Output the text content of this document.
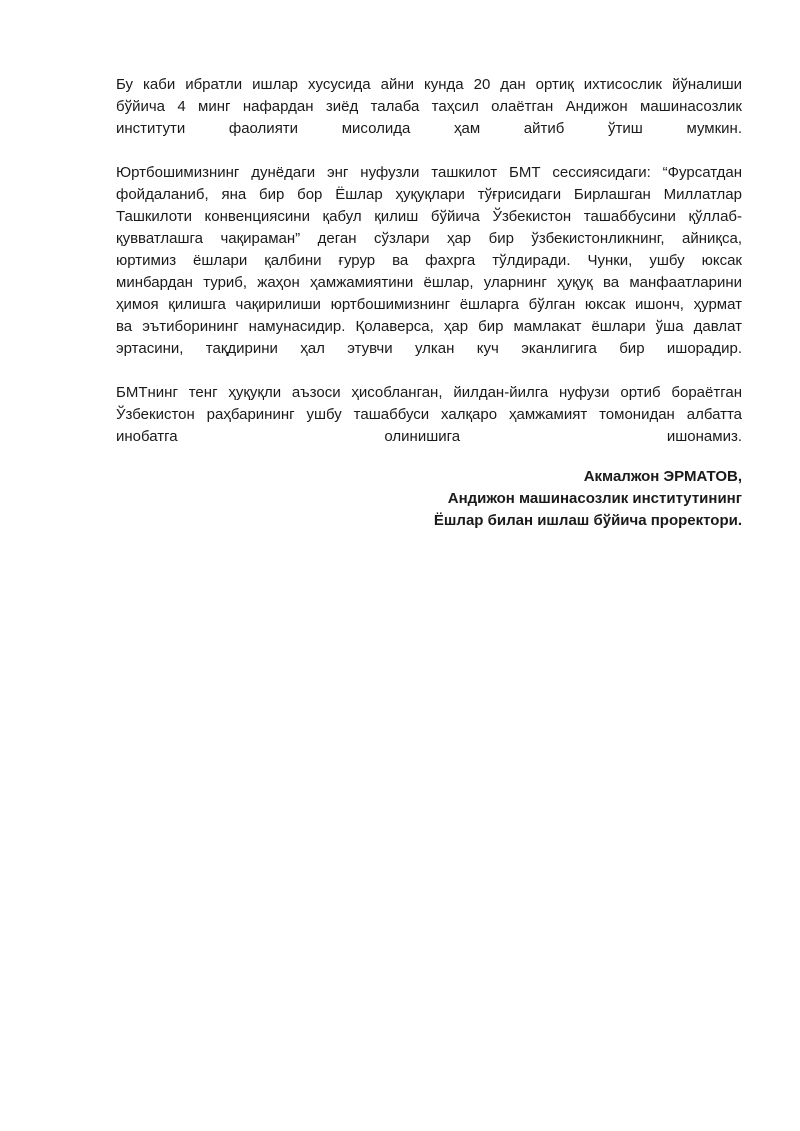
Бу каби ибратли ишлар хусусида айни кунда 20 дан ортиқ ихтисослик йўналиши
бўйича 4 минг нафардан зиёд талаба таҳсил олаётган Андижон машинасозлик
институти фаолияти мисолида ҳам айтиб ўтиш мумкин.
Юртбошимизнинг дунёдаги энг нуфузли ташкилот БМТ сессиясидаги: “Фурсатдан
фойдаланиб, яна бир бор Ёшлар ҳуқуқлари тўғрисидаги Бирлашган Миллатлар
Ташкилоти конвенциясини қабул қилиш бўйича Ўзбекистон ташаббусини қўллаб-
қувватлашга чақираман” деган сўзлари ҳар бир ўзбекистонликнинг, айниқса,
юртимиз ёшлари қалбини ғурур ва фахрга тўлдиради. Чунки, ушбу юксак
минбардан туриб, жаҳон ҳамжамиятини ёшлар, уларнинг ҳуқуқ ва манфаатларини
ҳимоя қилишга чақирилиши юртбошимизнинг ёшларга бўлган юксак ишонч, ҳурмат
ва эътиборининг намунасидир. Қолаверса, ҳар бир мамлакат ёшлари ўша давлат
эртасини, тақдирини ҳал этувчи улкан куч эканлигига бир ишорадир.
БМТнинг тенг ҳуқуқли аъзоси ҳисобланган, йилдан-йилга нуфузи ортиб бораётган
Ўзбекистон раҳбарининг ушбу ташаббуси халқаро ҳамжамият томонидан албатта
инобатга олинишига ишонамиз.
Акмалжон ЭРМАТОВ,
Андижон машинасозлик институтининг
Ёшлар билан ишлаш бўйича проректори.
